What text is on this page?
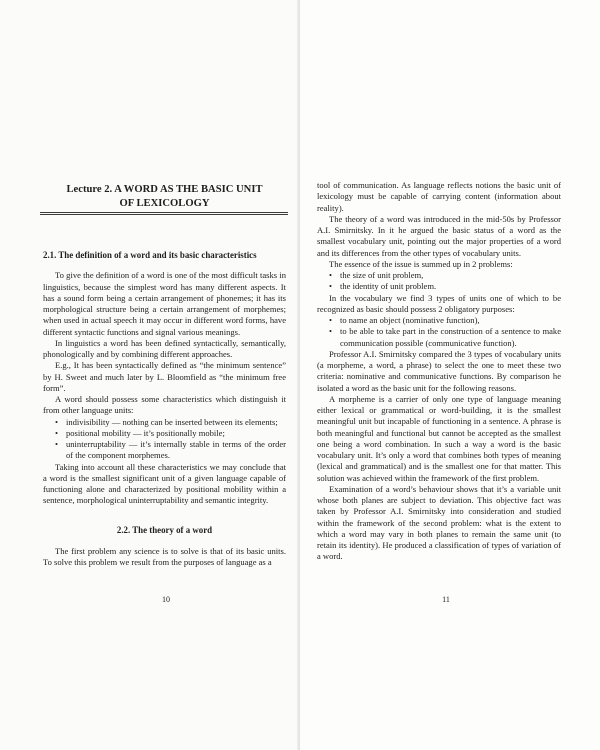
Lecture 2. A WORD AS THE BASIC UNIT
OF LEXICOLOGY
2.1. The definition of a word and its basic characteristics

To give the definition of a word is one of the most difficult tasks in linguistics, because the simplest word has many different aspects. It has a sound form being a certain arrangement of phonemes; it has its morphological structure being a certain arrangement of morphemes; when used in actual speech it may occur in different word forms, have different syntactic functions and signal various meanings.

In linguistics a word has been defined syntactically, semantically, phonologically and by combining different approaches.

E.g., It has been syntactically defined as “the minimum sentence” by H. Sweet and much later by L. Bloomfield as “the minimum free form”.

A word should possess some characteristics which distinguish it from other language units:

• indivisibility — nothing can be inserted between its elements;
• positional mobility — it’s positionally mobile;
• uninterruptability — it’s internally stable in terms of the order of the component morphemes.

Taking into account all these characteristics we may conclude that a word is the smallest significant unit of a given language capable of functioning alone and characterized by positional mobility within a sentence, morphological uninterruptability and semantic integrity.

2.2. The theory of a word

The first problem any science is to solve is that of its basic units. To solve this problem we result from the purposes of language as a

10

tool of communication. As language reflects notions the basic unit of lexicology must be capable of carrying content (information about reality).

The theory of a word was introduced in the mid-50s by Professor A.I. Smirnitsky. In it he argued the basic status of a word as the smallest vocabulary unit, pointing out the major properties of a word and its differences from the other types of vocabulary units.

The essence of the issue is summed up in 2 problems:

• the size of unit problem,
• the identity of unit problem.

In the vocabulary we find 3 types of units one of which to be recognized as basic should possess 2 obligatory purposes:

• to name an object (nominative function),
• to be able to take part in the construction of a sentence to make communication possible (communicative function).

Professor A.I. Smirnitsky compared the 3 types of vocabulary units (a morpheme, a word, a phrase) to select the one to meet these two criteria: nominative and communicative functions. By comparison he isolated a word as the basic unit for the following reasons.

A morpheme is a carrier of only one type of language meaning either lexical or grammatical or word-building, it is the smallest meaningful unit but incapable of functioning in a sentence. A phrase is both meaningful and functional but cannot be accepted as the smallest one being a word combination. In such a way a word is the basic vocabulary unit. It’s only a word that combines both types of meaning (lexical and grammatical) and is the smallest one for that matter. This solution was achieved within the framework of the first problem.

Examination of a word’s behaviour shows that it’s a variable unit whose both planes are subject to deviation. This objective fact was taken by Professor A.I. Smirnitsky into consideration and studied within the framework of the second problem: what is the extent to which a word may vary in both planes to remain the same unit (to retain its identity). He produced a classification of types of variation of a word.

11
